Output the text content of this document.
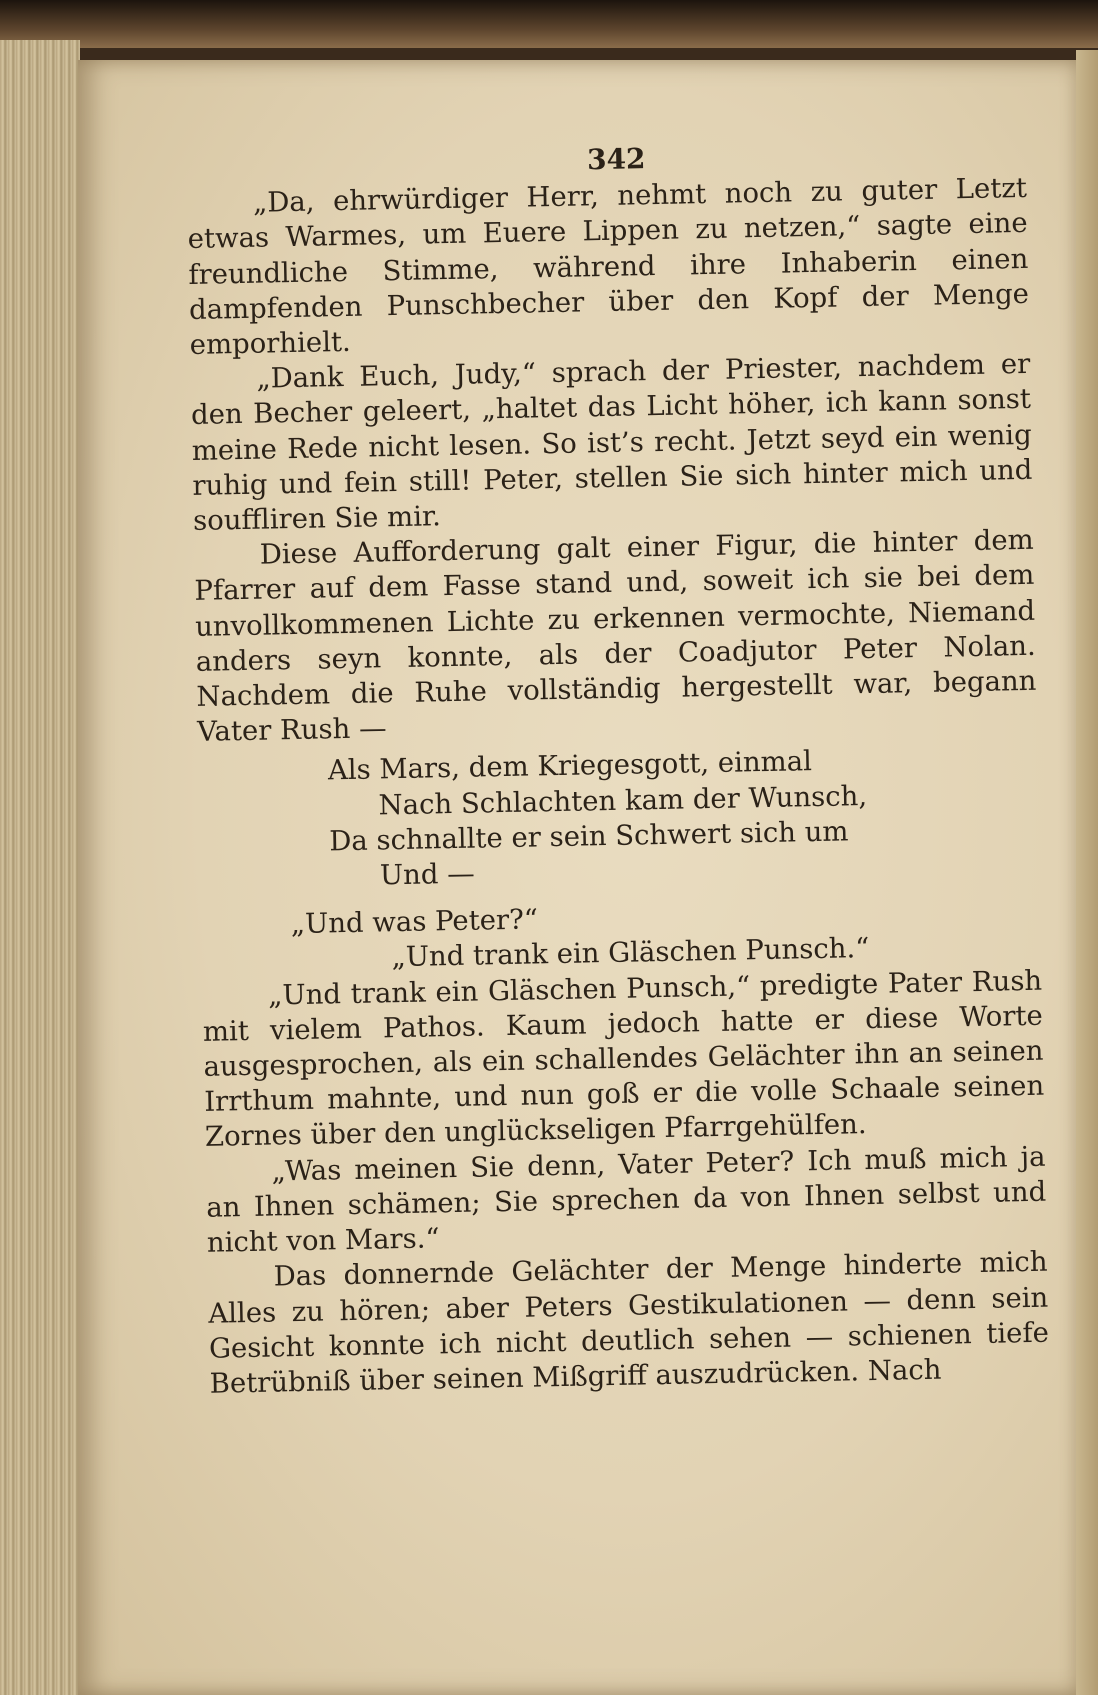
342

„Da, ehrwürdiger Herr, nehmt noch zu guter Letzt etwas Warmes, um Euere Lippen zu netzen,“ sagte eine freundliche Stimme, während ihre Inhaberin einen dampfenden Punschbecher über den Kopf der Menge emporhielt.

„Dank Euch, Judy,“ sprach der Priester, nachdem er den Becher geleert, „haltet das Licht höher, ich kann sonst meine Rede nicht lesen. So ist’s recht. Jetzt seyd ein wenig ruhig und fein still! Peter, stellen Sie sich hinter mich und souffliren Sie mir.

Diese Aufforderung galt einer Figur, die hinter dem Pfarrer auf dem Fasse stand und, soweit ich sie bei dem unvollkommenen Lichte zu erkennen vermochte, Niemand anders seyn konnte, als der Coadjutor Peter Nolan. Nachdem die Ruhe vollständig hergestellt war, begann Vater Rush —

Als Mars, dem Kriegesgott, einmal
Nach Schlachten kam der Wunsch,
Da schnallte er sein Schwert sich um
Und —
„Und was Peter?“
„Und trank ein Gläschen Punsch.“

„Und trank ein Gläschen Punsch,“ predigte Pater Rush mit vielem Pathos. Kaum jedoch hatte er diese Worte ausgesprochen, als ein schallendes Gelächter ihn an seinen Irrthum mahnte, und nun goß er die volle Schaale seinen Zornes über den unglückseligen Pfarrgehülfen.

„Was meinen Sie denn, Vater Peter? Ich muß mich ja an Ihnen schämen; Sie sprechen da von Ihnen selbst und nicht von Mars.“

Das donnernde Gelächter der Menge hinderte mich Alles zu hören; aber Peters Gestikulationen — denn sein Gesicht konnte ich nicht deutlich sehen — schienen tiefe Betrübniß über seinen Mißgriff auszudrücken. Nach
